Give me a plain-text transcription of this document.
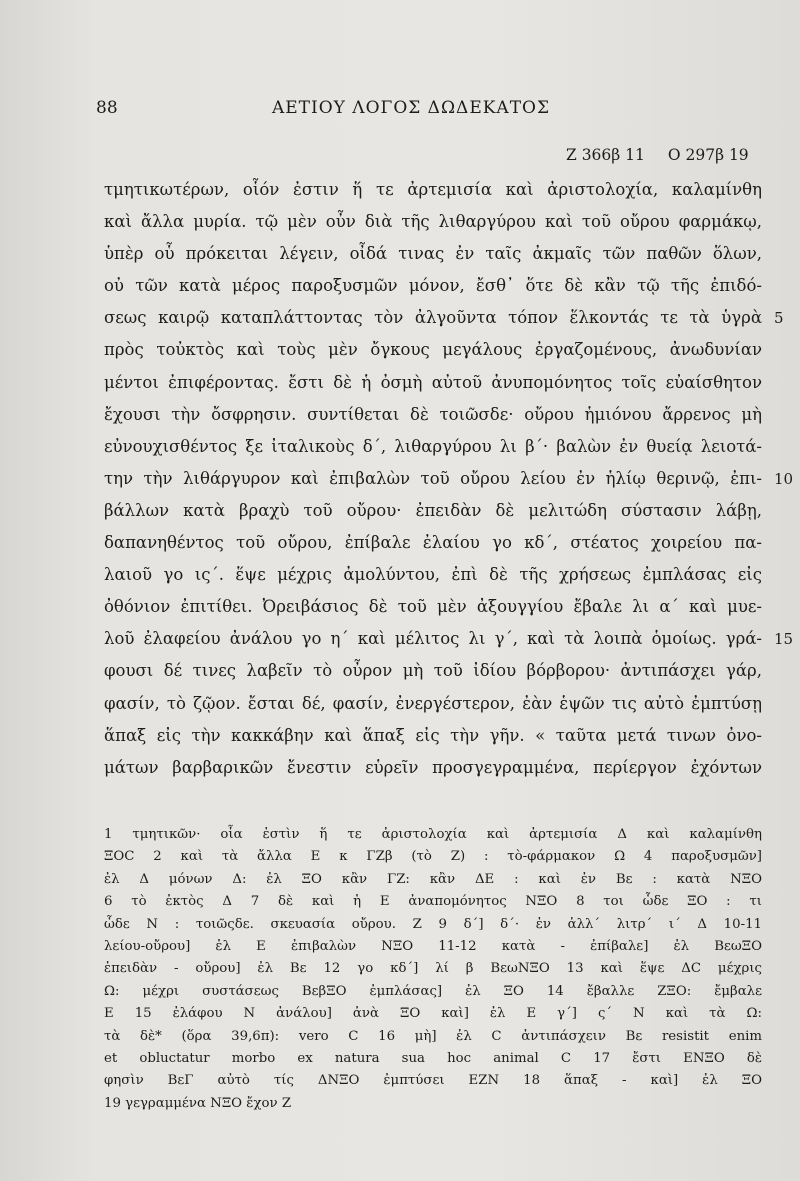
88	ΑΕΤΙΟΥ ΛΟΓΟΣ ΔΩΔΕΚΑΤΟΣ
Z 366β 11 O 297β 19
τμητικωτέρων, οἷόν ἐστιν ἥ τε ἀρτεμισία καὶ ἀριστολοχία, καλαμίνθη
καὶ ἄλλα μυρία. τῷ μὲν οὖν διὰ τῆς λιθαργύρου καὶ τοῦ οὔρου φαρμάκῳ,
ὑπὲρ οὗ πρόκειται λέγειν, οἶδά τινας ἐν ταῖς ἀκμαῖς τῶν παθῶν ὅλων,
οὐ τῶν κατὰ μέρος παροξυσμῶν μόνον, ἔσθ᾽ ὅτε δὲ κἂν τῷ τῆς ἐπιδό-
σεως καιρῷ καταπλάττοντας τὸν ἀλγοῦντα τόπον ἕλκοντάς τε τὰ ὑγρὰ 5
πρὸς τοὐκτὸς καὶ τοὺς μὲν ὄγκους μεγάλους ἐργαζομένους, ἀνωδυνίαν
μέντοι ἐπιφέροντας. ἔστι δὲ ἡ ὀσμὴ αὐτοῦ ἀνυπομόνητος τοῖς εὐαίσθητον
ἔχουσι τὴν ὄσφρησιν. συντίθεται δὲ τοιῶσδε· οὔρου ἡμιόνου ἄρρενος μὴ
εὐνουχισθέντος ξε ἰταλικοὺς δ΄, λιθαργύρου λι β΄· βαλὼν ἐν θυείᾳ λειοτά-
την τὴν λιθάργυρον καὶ ἐπιβαλὼν τοῦ οὔρου λείου ἐν ἡλίῳ θερινῷ, ἐπι- 10
βάλλων κατὰ βραχὺ τοῦ οὔρου· ἐπειδὰν δὲ μελιτώδη σύστασιν λάβῃ,
δαπανηθέντος τοῦ οὔρου, ἐπίβαλε ἐλαίου γο κδ΄, στέατος χοιρείου πα-
λαιοῦ γο ις΄. ἕψε μέχρις ἀμολύντου, ἐπὶ δὲ τῆς χρήσεως ἐμπλάσας εἰς
ὀθόνιον ἐπιτίθει. Ὀρειβάσιος δὲ τοῦ μὲν ἀξουγγίου ἔβαλε λι α΄ καὶ μυε-
λοῦ ἐλαφείου ἀνάλου γο η΄ καὶ μέλιτος λι γ΄, καὶ τὰ λοιπὰ ὁμοίως. γρά- 15
φουσι δέ τινες λαβεῖν τὸ οὖρον μὴ τοῦ ἰδίου βόρβορου· ἀντιπάσχει γάρ,
φασίν, τὸ ζῷον. ἔσται δέ, φασίν, ἐνεργέστερον, ἐὰν ἑψῶν τις αὐτὸ ἐμπτύσῃ
ἅπαξ εἰς τὴν κακκάβην καὶ ἅπαξ εἰς τὴν γῆν. « ταῦτα μετά τινων ὀνο-
μάτων βαρβαρικῶν ἔνεστιν εὑρεῖν προσγεγραμμένα, περίεργον ἐχόντων
1 τμητικῶν· οἷα ἐστὶν ἥ τε ἀριστολοχία καὶ ἀρτεμισία Δ καὶ καλαμίνθη
ΞΟC 2 καὶ τὰ ἄλλα Ε κ ΓΖβ (τὸ Ζ) : τὸ-φάρμακον Ω 4 παροξυσμῶν]
ἐλ Δ μόνων Δ: ἐλ ΞΟ κἂν ΓΖ: κἂν ΔΕ : καὶ ἐν Βε : κατὰ ΝΞΟ
6 τὸ ἐκτὸς Δ 7 δὲ καὶ ἡ Ε ἀναπομόνητος ΝΞΟ 8 τοι ὧδε ΞΟ : τι
ὧδε Ν : τοιῶςδε. σκευασία οὔρου. Ζ 9 δ΄] δ΄· ἐν ἀλλ΄ λιτρ΄ ι΄ Δ 10-11
λείου-οὔρου] ἐλ Ε ἐπιβαλὼν ΝΞΟ 11-12 κατὰ - ἐπίβαλε] ἐλ ΒεωΞΟ
ἐπειδὰν - οὔρου] ἐλ Βε 12 γο κδ΄] λί β ΒεωΝΞΟ 13 καὶ ἕψε ΔC μέχρις
Ω: μέχρι συστάσεως ΒεβΞΟ ἐμπλάσας] ἐλ ΞΟ 14 ἔβαλλε ΖΞΟ: ἔμβαλε
Ε 15 ἐλάφου Ν ἀνάλου] ἀνὰ ΞΟ καὶ] ἐλ Ε γ΄] ς΄ Ν καὶ τὰ Ω:
τὰ δὲ* (ὅρα 39,6π): vero C 16 μὴ] ἐλ C ἀντιπάσχειν Βε resistit enim
et obluctatur morbo ex natura sua hoc animal C 17 ἔστι ΕΝΞΟ δὲ
φησὶν ΒεΓ αὐτὸ τίς ΔΝΞΟ ἐμπτύσει ΕΖΝ 18 ἅπαξ - καὶ] ἐλ ΞΟ
19 γεγραμμένα ΝΞΟ ἔχον Ζ
